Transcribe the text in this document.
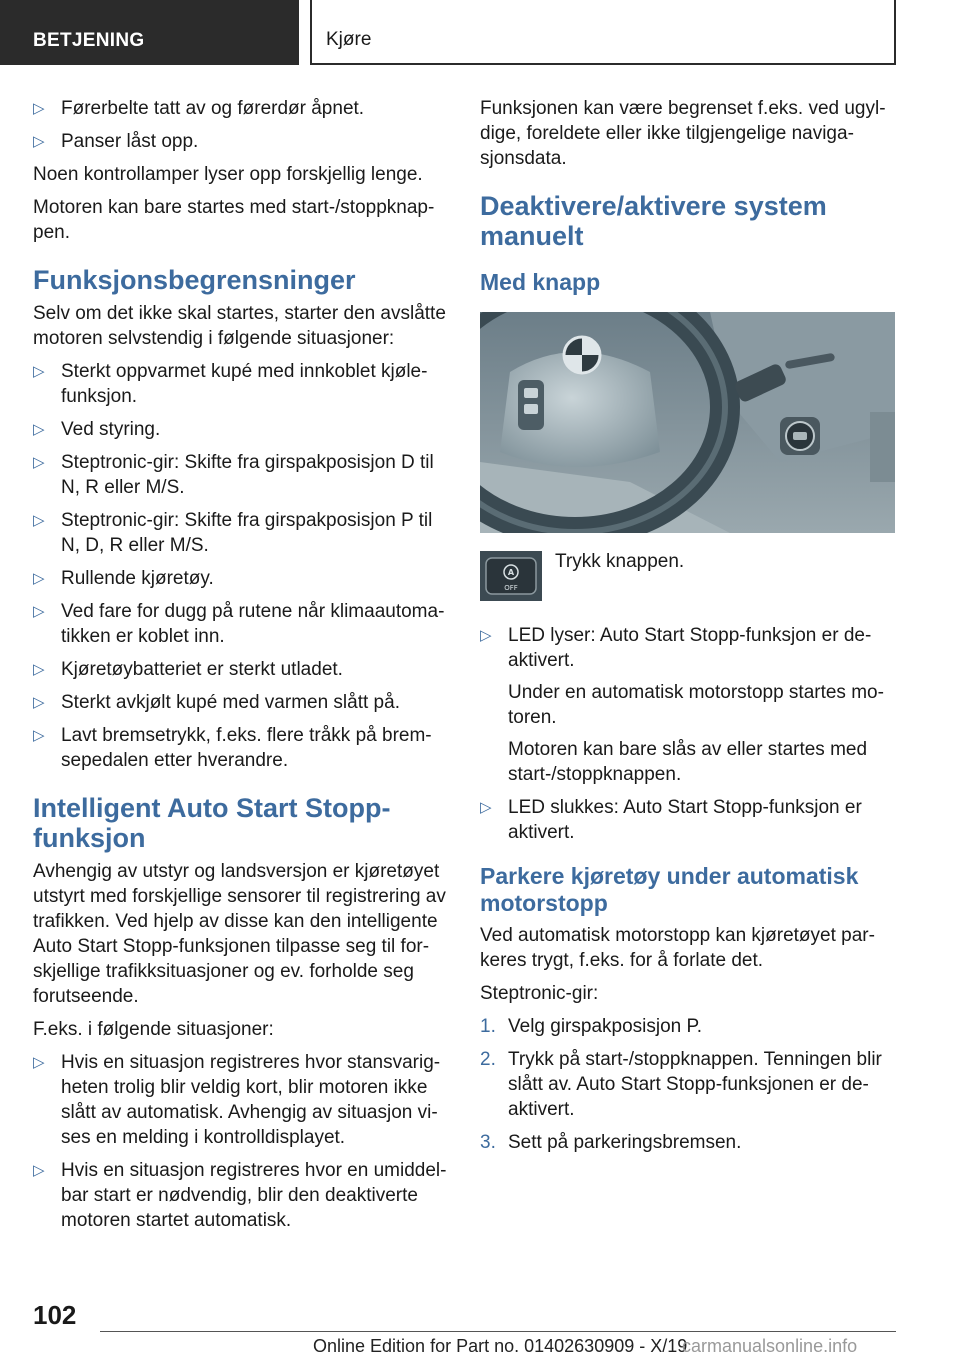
BETJENING	Kjøre
▷ Førerbelte tatt av og førerdør åpnet.
▷ Panser låst opp.

Noen kontrollamper lyser opp forskjellig lenge.

Motoren kan bare startes med start-/stoppknap-pen.

Funksjonsbegrensninger

Selv om det ikke skal startes, starter den avslåtte motoren selvstendig i følgende situasjoner:

▷ Sterkt oppvarmet kupé med innkoblet kjøle-funksjon.
▷ Ved styring.
▷ Steptronic-gir: Skifte fra girspakposisjon D til N, R eller M/S.
▷ Steptronic-gir: Skifte fra girspakposisjon P til N, D, R eller M/S.
▷ Rullende kjøretøy.
▷ Ved fare for dugg på rutene når klimaautoma-tikken er koblet inn.
▷ Kjøretøybatteriet er sterkt utladet.
▷ Sterkt avkjølt kupé med varmen slått på.
▷ Lavt bremsetrykk, f.eks. flere tråkk på brem-sepedalen etter hverandre.
Intelligent Auto Start Stopp-funksjon

Avhengig av utstyr og landsversjon er kjøretøyet utstyrt med forskjellige sensorer til registrering av trafikken. Ved hjelp av disse kan den intelligente Auto Start Stopp-funksjonen tilpasse seg til for-skjellige trafikksituasjoner og ev. forholde seg forutseende.

F.eks. i følgende situasjoner:

▷ Hvis en situasjon registreres hvor stansvarig-heten trolig blir veldig kort, blir motoren ikke slått av automatisk. Avhengig av situasjon vi-ses en melding i kontrolldisplayet.
▷ Hvis en situasjon registreres hvor en umiddel-bar start er nødvendig, blir den deaktiverte motoren startet automatisk.

Funksjonen kan være begrenset f.eks. ved ugyl-dige, foreldete eller ikke tilgjengelige naviga-sjonsdata.

Deaktivere/aktivere system manuelt
Med knapp
A
OFF
Trykk knappen.
▷ LED lyser: Auto Start Stopp-funksjon er de-aktivert.
Under en automatisk motorstopp startes mo-toren.
Motoren kan bare slås av eller startes med start-/stoppknappen.
▷ LED slukkes: Auto Start Stopp-funksjon er aktivert.
Parkere kjøretøy under automatisk motorstopp

Ved automatisk motorstopp kan kjøretøyet par-keres trygt, f.eks. for å forlate det.

Steptronic-gir:

1. Velg girspakposisjon P.
2. Trykk på start-/stoppknappen. Tenningen blir slått av. Auto Start Stopp-funksjonen er de-aktivert.
3. Sett på parkeringsbremsen.
102
Online Edition for Part no. 01402630909 - X/19
carmanualsonline.info
